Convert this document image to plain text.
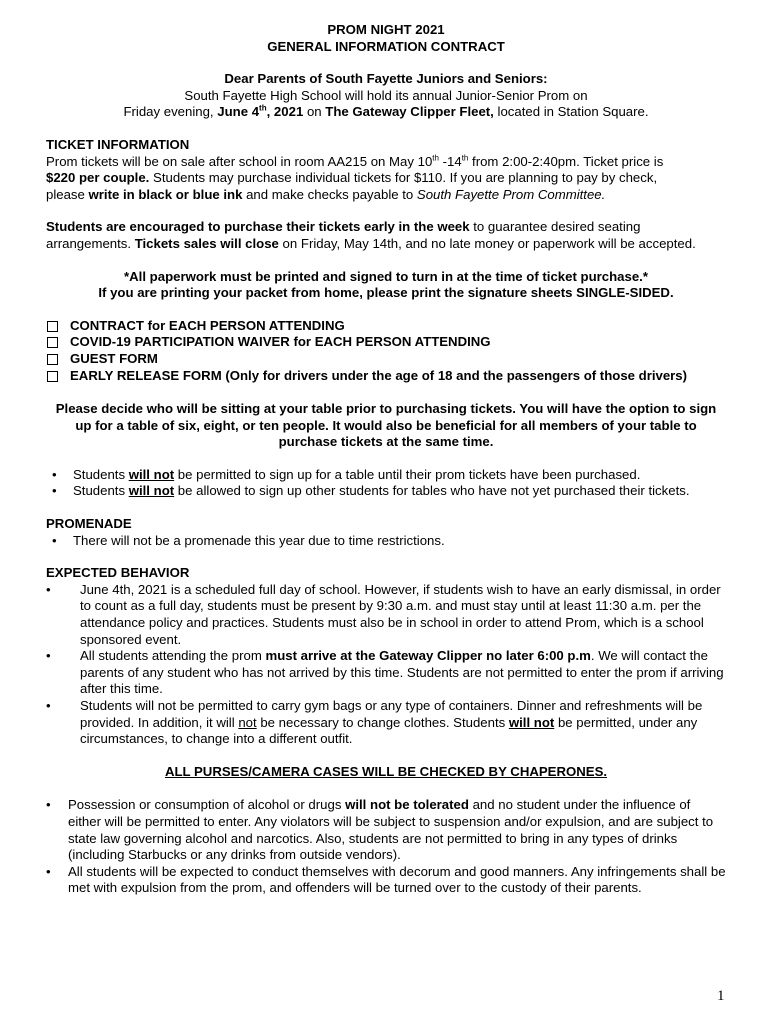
PROM NIGHT 2021

GENERAL INFORMATION CONTRACT

Dear Parents of South Fayette Juniors and Seniors:

South Fayette High School will hold its annual Junior-Senior Prom on

Friday evening, June 4th, 2021 on The Gateway Clipper Fleet, located in Station Square.

TICKET INFORMATION

Prom tickets will be on sale after school in room AA215 on May 10th -14th from 2:00-2:40pm. Ticket price is
$220 per couple. Students may purchase individual tickets for $110. If you are planning to pay by check,
please write in black or blue ink and make checks payable to South Fayette Prom Committee.

Students are encouraged to purchase their tickets early in the week to guarantee desired seating arrangements. Tickets sales will close on Friday, May 14th, and no late money or paperwork will be accepted.

*All paperwork must be printed and signed to turn in at the time of ticket purchase.*

If you are printing your packet from home, please print the signature sheets SINGLE-SIDED.

CONTRACT for EACH PERSON ATTENDING
COVID-19 PARTICIPATION WAIVER for EACH PERSON ATTENDING
GUEST FORM
EARLY RELEASE FORM (Only for drivers under the age of 18 and the passengers of those drivers)

Please decide who will be sitting at your table prior to purchasing tickets. You will have the option to sign up for a table of six, eight, or ten people. It would also be beneficial for all members of your table to purchase tickets at the same time.

•	Students will not be permitted to sign up for a table until their prom tickets have been purchased.
•	Students will not be allowed to sign up other students for tables who have not yet purchased their tickets.

PROMENADE

•	There will not be a promenade this year due to time restrictions.

EXPECTED BEHAVIOR

•	June 4th, 2021 is a scheduled full day of school. However, if students wish to have an early dismissal, in order to count as a full day, students must be present by 9:30 a.m. and must stay until at least 11:30 a.m. per the attendance policy and practices. Students must also be in school in order to attend Prom, which is a school sponsored event.
•	All students attending the prom must arrive at the Gateway Clipper no later 6:00 p.m. We will contact the parents of any student who has not arrived by this time. Students are not permitted to enter the prom if arriving after this time.
•	Students will not be permitted to carry gym bags or any type of containers. Dinner and refreshments will be provided. In addition, it will not be necessary to change clothes. Students will not be permitted, under any circumstances, to change into a different outfit.

ALL PURSES/CAMERA CASES WILL BE CHECKED BY CHAPERONES.

•	Possession or consumption of alcohol or drugs will not be tolerated and no student under the influence of either will be permitted to enter. Any violators will be subject to suspension and/or expulsion, and are subject to state law governing alcohol and narcotics. Also, students are not permitted to bring in any types of drinks (including Starbucks or any drinks from outside vendors).
•	All students will be expected to conduct themselves with decorum and good manners. Any infringements shall be met with expulsion from the prom, and offenders will be turned over to the custody of their parents.
1
